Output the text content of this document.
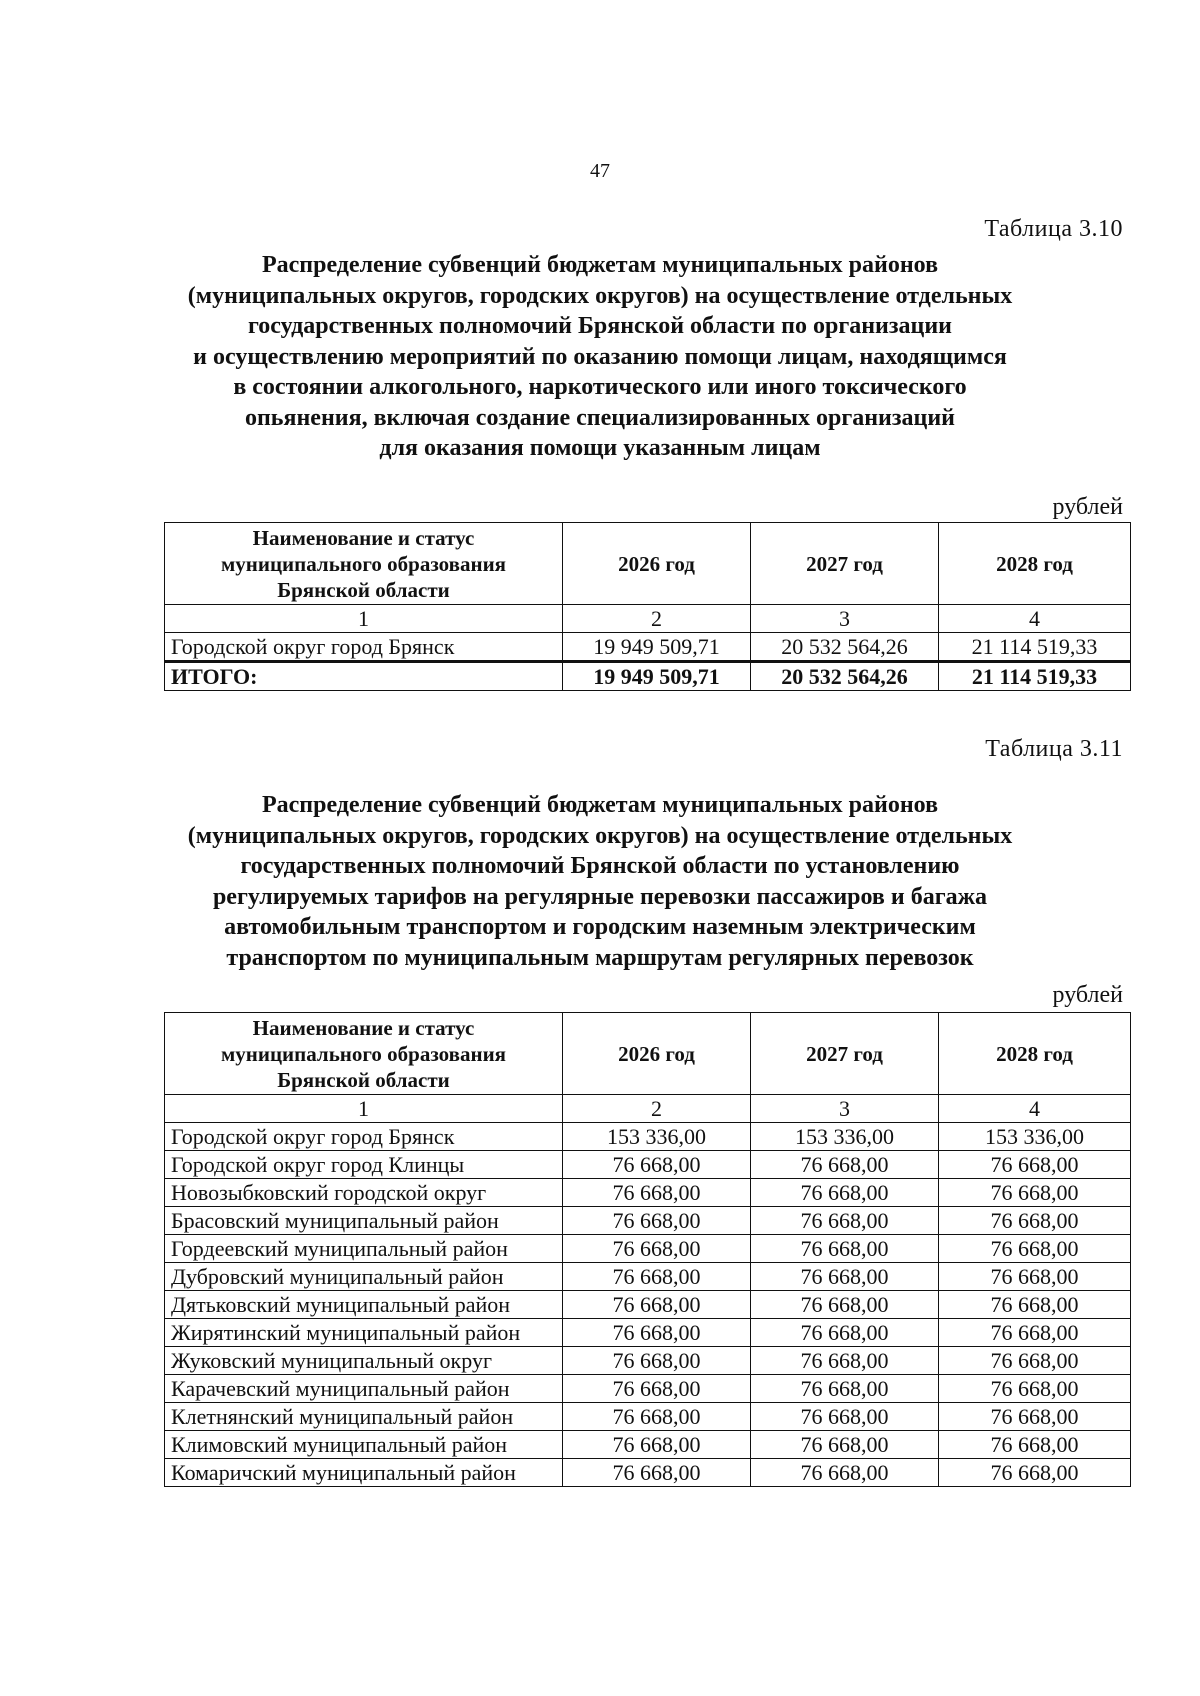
47
Таблица 3.10
Распределение субвенций бюджетам муниципальных районов
(муниципальных округов, городских округов) на осуществление отдельных
государственных полномочий Брянской области по организации
и осуществлению мероприятий по оказанию помощи лицам, находящимся
в состоянии алкогольного, наркотического или иного токсического
опьянения, включая создание специализированных организаций
для оказания помощи указанным лицам
рублей
Наименование и статус
муниципального образования
Брянской области	2026 год	2027 год	2028 год
1	2	3	4
Городской округ город Брянск	19 949 509,71	20 532 564,26	21 114 519,33
ИТОГО:	19 949 509,71	20 532 564,26	21 114 519,33
Таблица 3.11
Распределение субвенций бюджетам муниципальных районов
(муниципальных округов, городских округов) на осуществление отдельных
государственных полномочий Брянской области по установлению
регулируемых тарифов на регулярные перевозки пассажиров и багажа
автомобильным транспортом и городским наземным электрическим
транспортом по муниципальным маршрутам регулярных перевозок
рублей
Наименование и статус
муниципального образования
Брянской области	2026 год	2027 год	2028 год
1	2	3	4
Городской округ город Брянск	153 336,00	153 336,00	153 336,00
Городской округ город Клинцы	76 668,00	76 668,00	76 668,00
Новозыбковский городской округ	76 668,00	76 668,00	76 668,00
Брасовский муниципальный район	76 668,00	76 668,00	76 668,00
Гордеевский муниципальный район	76 668,00	76 668,00	76 668,00
Дубровский муниципальный район	76 668,00	76 668,00	76 668,00
Дятьковский муниципальный район	76 668,00	76 668,00	76 668,00
Жирятинский муниципальный район	76 668,00	76 668,00	76 668,00
Жуковский муниципальный округ	76 668,00	76 668,00	76 668,00
Карачевский муниципальный район	76 668,00	76 668,00	76 668,00
Клетнянский муниципальный район	76 668,00	76 668,00	76 668,00
Климовский муниципальный район	76 668,00	76 668,00	76 668,00
Комаричский муниципальный район	76 668,00	76 668,00	76 668,00
